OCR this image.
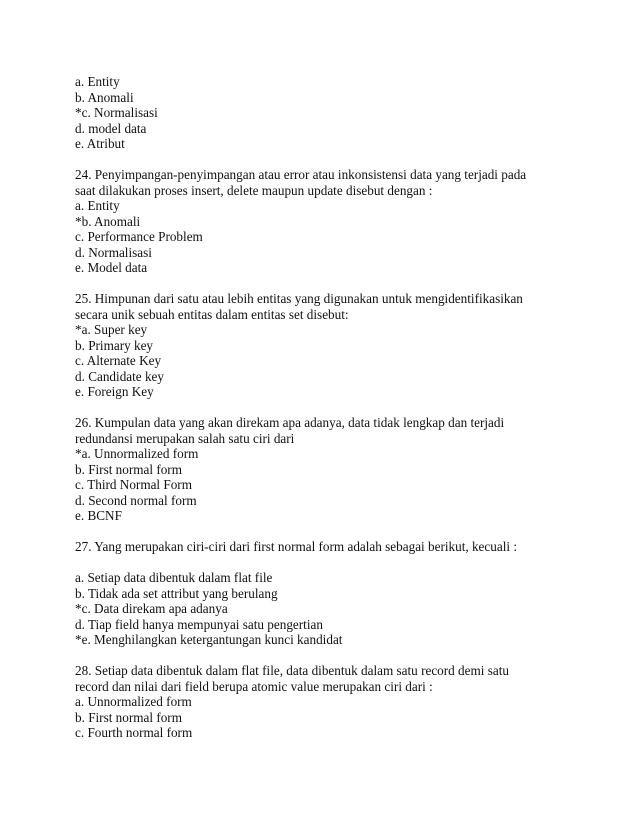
a. Entity

b. Anomali

*c. Normalisasi

d. model data

e. Atribut

24. Penyimpangan-penyimpangan atau error atau inkonsistensi data yang terjadi pada

saat dilakukan proses insert, delete maupun update disebut dengan :

a. Entity

*b. Anomali

c. Performance Problem

d. Normalisasi

e. Model data

25. Himpunan dari satu atau lebih entitas yang digunakan untuk mengidentifikasikan

secara unik sebuah entitas dalam entitas set disebut:

*a. Super key

b. Primary key

c. Alternate Key

d. Candidate key

e. Foreign Key

26. Kumpulan data yang akan direkam apa adanya, data tidak lengkap dan terjadi

redundansi merupakan salah satu ciri dari

*a. Unnormalized form

b. First normal form

c. Third Normal Form

d. Second normal form

e. BCNF

27. Yang merupakan ciri-ciri dari first normal form adalah sebagai berikut, kecuali :

a. Setiap data dibentuk dalam flat file

b. Tidak ada set attribut yang berulang

*c. Data direkam apa adanya

d. Tiap field hanya mempunyai satu pengertian

*e. Menghilangkan ketergantungan kunci kandidat

28. Setiap data dibentuk dalam flat file, data dibentuk dalam satu record demi satu

record dan nilai dari field berupa atomic value merupakan ciri dari :

a. Unnormalized form

b. First normal form

c. Fourth normal form
